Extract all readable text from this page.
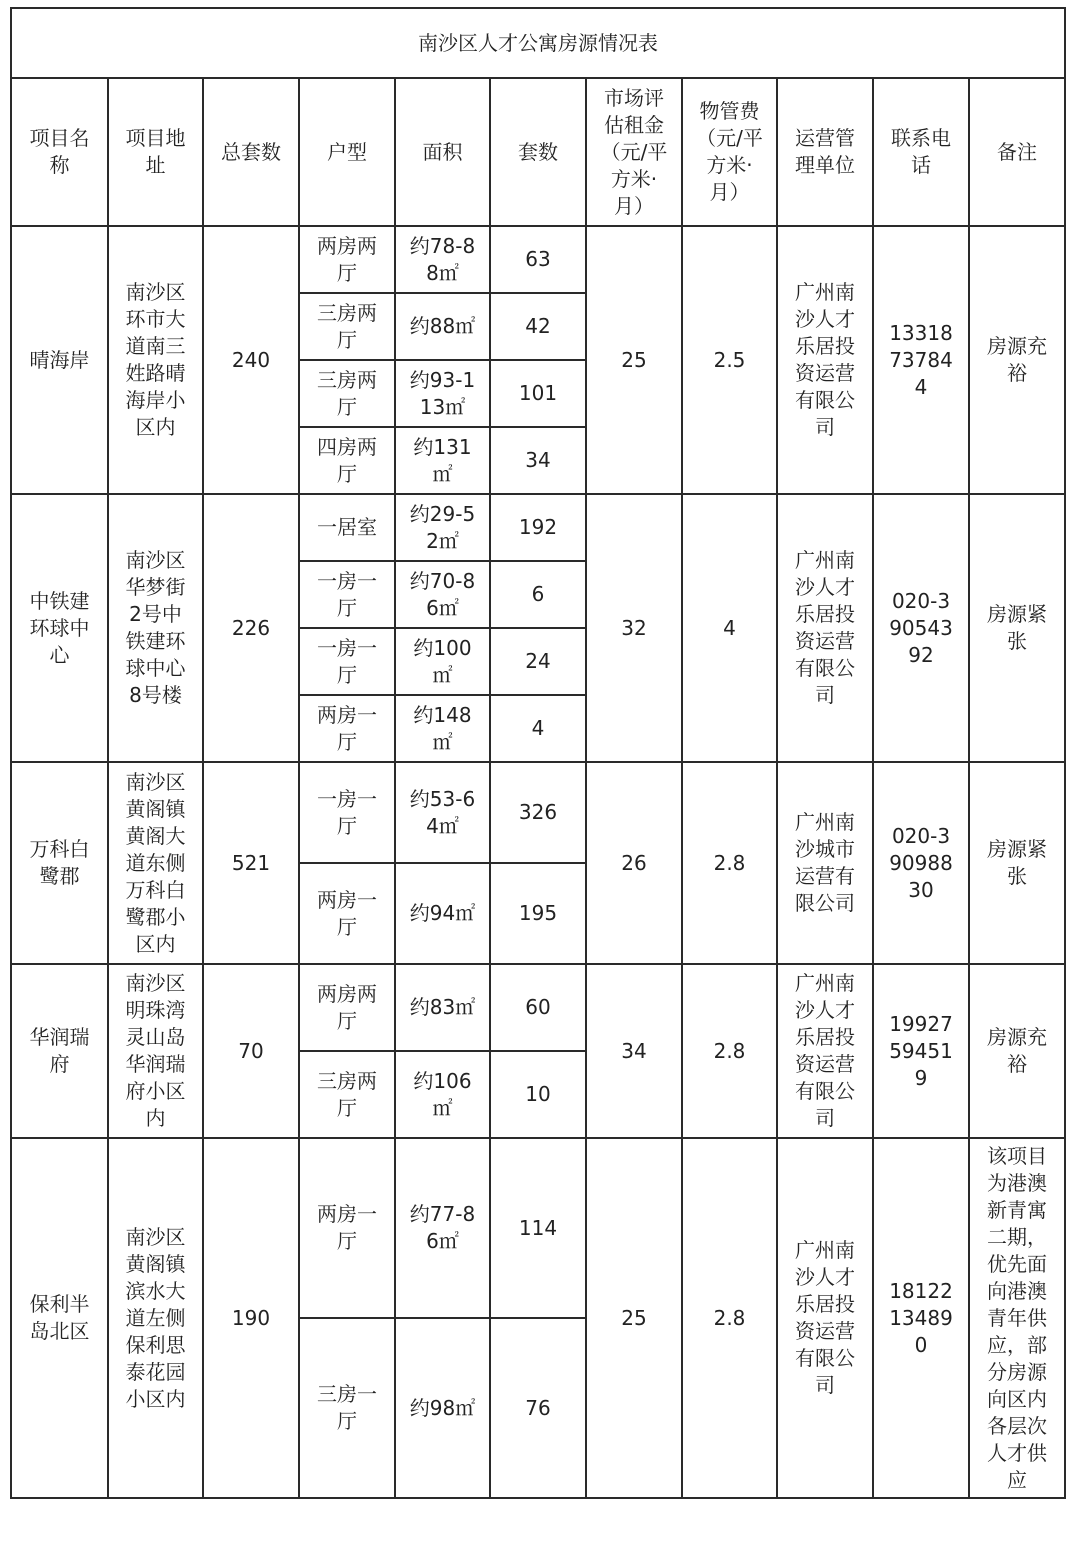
南沙区人才公寓房源情况表										
项目名称	项目地址	总套数	户型	面积	套数	市场评估租金（元/平方米·月）	物管费（元/平方米·月）	运营管理单位	联系电话	备注
晴海岸	南沙区环市大道南三姓路晴海岸小区内	240	两房两厅	约78-88㎡	63	25	2.5	广州南沙人才乐居投资运营有限公司	13318737844	房源充裕
			三房两厅	约88㎡	42					
			三房两厅	约93-113㎡	101					
			四房两厅	约131㎡	34					
中铁建环球中心	南沙区华梦街2号中铁建环球中心8号楼	226	一居室	约29-52㎡	192	32	4	广州南沙人才乐居投资运营有限公司	020-39054392	房源紧张
			一房一厅	约70-86㎡	6					
			一房一厅	约100㎡	24					
			两房一厅	约148㎡	4					
万科白鹭郡	南沙区黄阁镇黄阁大道东侧万科白鹭郡小区内	521	一房一厅	约53-64㎡	326	26	2.8	广州南沙城市运营有限公司	020-39098830	房源紧张
			两房一厅	约94㎡	195					
华润瑞府	南沙区明珠湾灵山岛华润瑞府小区内	70	两房两厅	约83㎡	60	34	2.8	广州南沙人才乐居投资运营有限公司	19927594519	房源充裕
			三房两厅	约106㎡	10					
保利半岛北区	南沙区黄阁镇滨水大道左侧保利思泰花园小区内	190	两房一厅	约77-86㎡	114	25	2.8	广州南沙人才乐居投资运营有限公司	18122134890	该项目为港澳新青寓二期，优先面向港澳青年供应，部分房源向区内各层次人才供应
			三房一厅	约98㎡	76					
